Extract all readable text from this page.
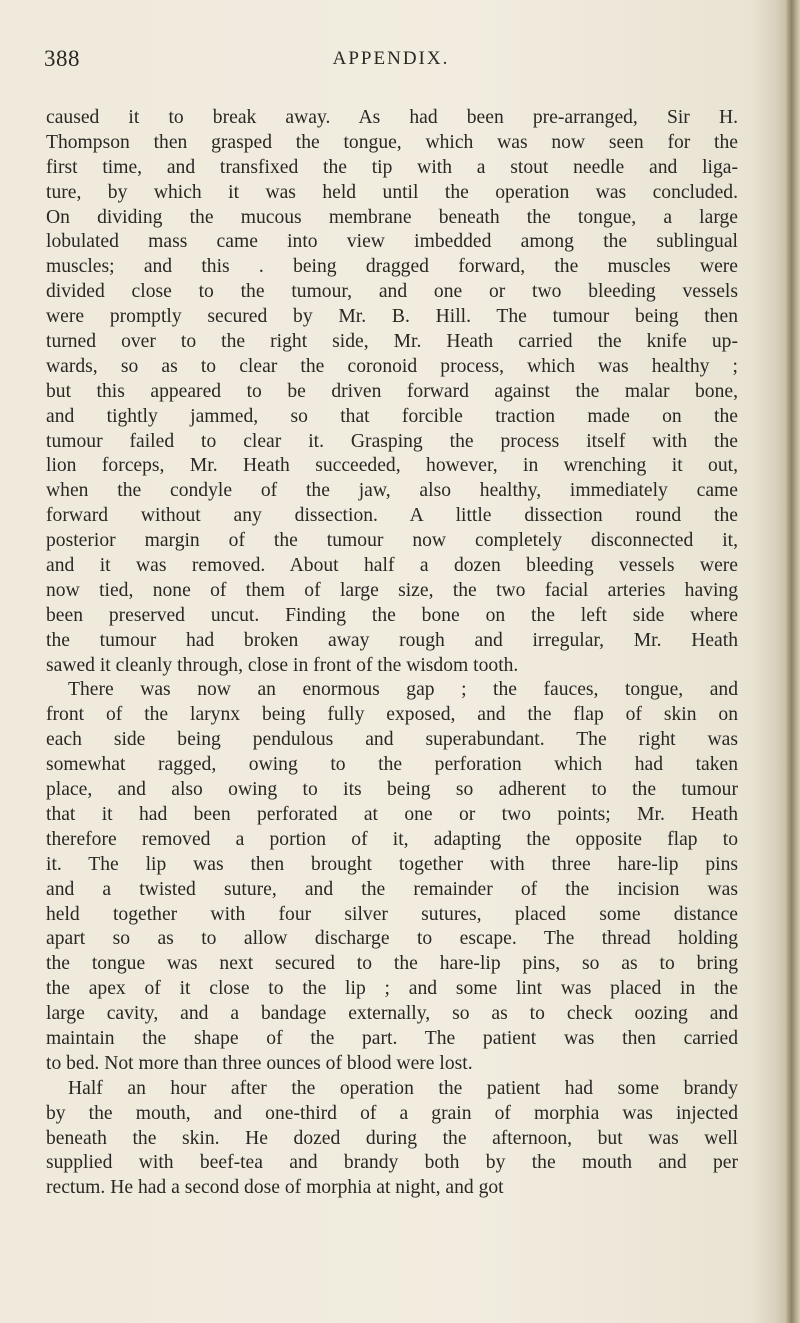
388	APPENDIX.
caused it to break away. As had been pre-arranged, Sir H.
Thompson then grasped the tongue, which was now seen for the
first time, and transfixed the tip with a stout needle and liga-
ture, by which it was held until the operation was concluded.
On dividing the mucous membrane beneath the tongue, a large
lobulated mass came into view imbedded among the sublingual
muscles; and this . being dragged forward, the muscles were
divided close to the tumour, and one or two bleeding vessels
were promptly secured by Mr. B. Hill. The tumour being then
turned over to the right side, Mr. Heath carried the knife up-
wards, so as to clear the coronoid process, which was healthy ;
but this appeared to be driven forward against the malar bone,
and tightly jammed, so that forcible traction made on the
tumour failed to clear it. Grasping the process itself with the
lion forceps, Mr. Heath succeeded, however, in wrenching it out,
when the condyle of the jaw, also healthy, immediately came
forward without any dissection. A little dissection round the
posterior margin of the tumour now completely disconnected it,
and it was removed. About half a dozen bleeding vessels were
now tied, none of them of large size, the two facial arteries having
been preserved uncut. Finding the bone on the left side where
the tumour had broken away rough and irregular, Mr. Heath
sawed it cleanly through, close in front of the wisdom tooth.
There was now an enormous gap ; the fauces, tongue, and
front of the larynx being fully exposed, and the flap of skin on
each side being pendulous and superabundant. The right was
somewhat ragged, owing to the perforation which had taken
place, and also owing to its being so adherent to the tumour
that it had been perforated at one or two points; Mr. Heath
therefore removed a portion of it, adapting the opposite flap to
it. The lip was then brought together with three hare-lip pins
and a twisted suture, and the remainder of the incision was
held together with four silver sutures, placed some distance
apart so as to allow discharge to escape. The thread holding
the tongue was next secured to the hare-lip pins, so as to bring
the apex of it close to the lip ; and some lint was placed in the
large cavity, and a bandage externally, so as to check oozing and
maintain the shape of the part. The patient was then carried
to bed. Not more than three ounces of blood were lost.
Half an hour after the operation the patient had some brandy
by the mouth, and one-third of a grain of morphia was injected
beneath the skin. He dozed during the afternoon, but was well
supplied with beef-tea and brandy both by the mouth and per
rectum. He had a second dose of morphia at night, and got
